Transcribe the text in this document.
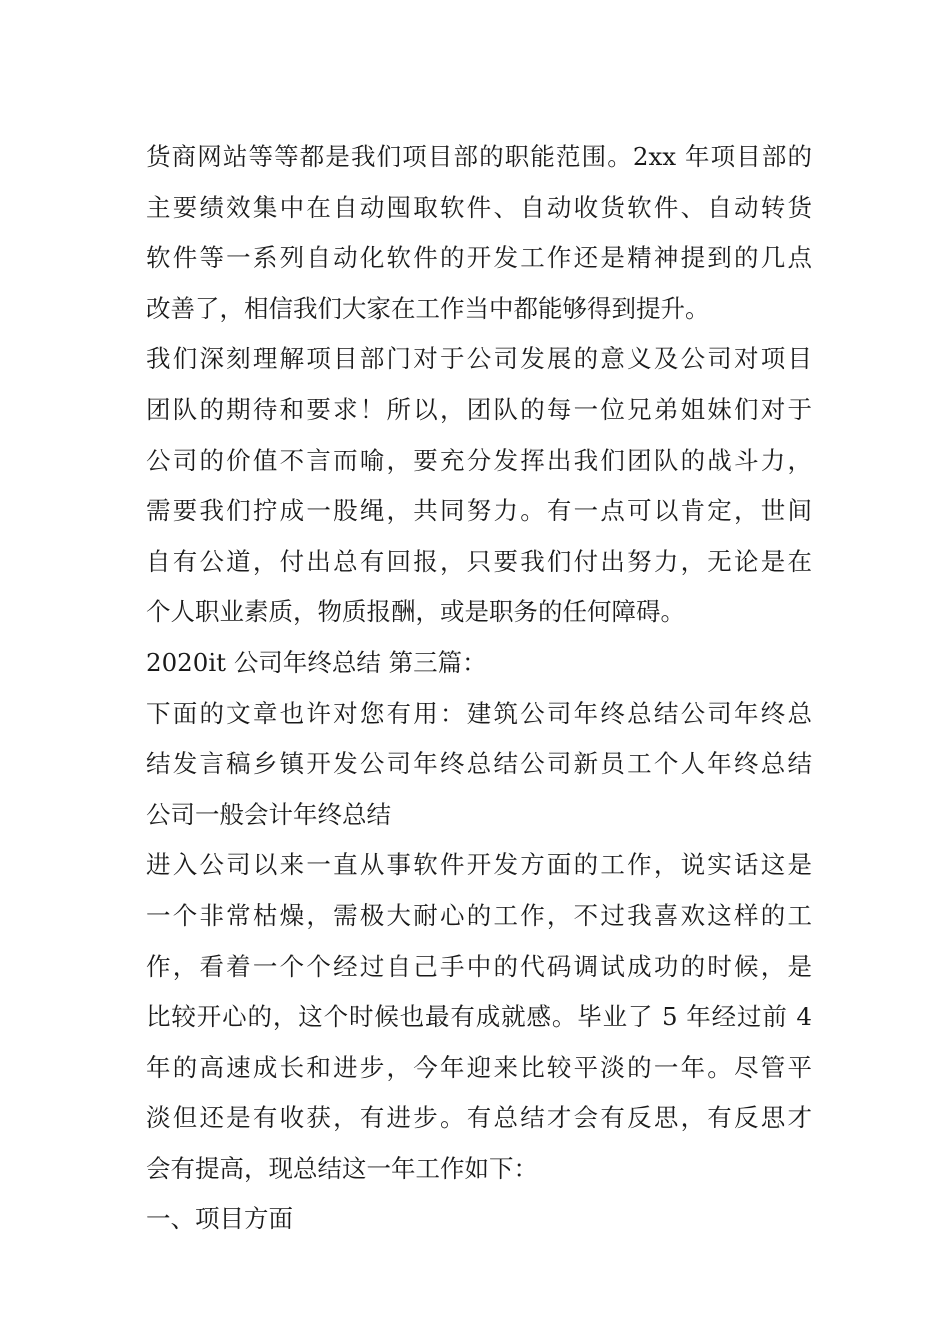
货商网站等等都是我们项目部的职能范围。2xx 年项目部的
主要绩效集中在自动囤取软件、自动收货软件、自动转货
软件等一系列自动化软件的开发工作还是精神提到的几点
改善了，相信我们大家在工作当中都能够得到提升。
我们深刻理解项目部门对于公司发展的意义及公司对项目
团队的期待和要求！所以，团队的每一位兄弟姐妹们对于
公司的价值不言而喻，要充分发挥出我们团队的战斗力，
需要我们拧成一股绳，共同努力。有一点可以肯定，世间
自有公道，付出总有回报，只要我们付出努力，无论是在
个人职业素质，物质报酬，或是职务的任何障碍。
2020it 公司年终总结 第三篇：
下面的文章也许对您有用：建筑公司年终总结公司年终总
结发言稿乡镇开发公司年终总结公司新员工个人年终总结
公司一般会计年终总结
进入公司以来一直从事软件开发方面的工作，说实话这是
一个非常枯燥，需极大耐心的工作，不过我喜欢这样的工
作，看着一个个经过自己手中的代码调试成功的时候，是
比较开心的，这个时候也最有成就感。毕业了 5 年经过前 4
年的高速成长和进步，今年迎来比较平淡的一年。尽管平
淡但还是有收获，有进步。有总结才会有反思，有反思才
会有提高，现总结这一年工作如下：
一、项目方面
